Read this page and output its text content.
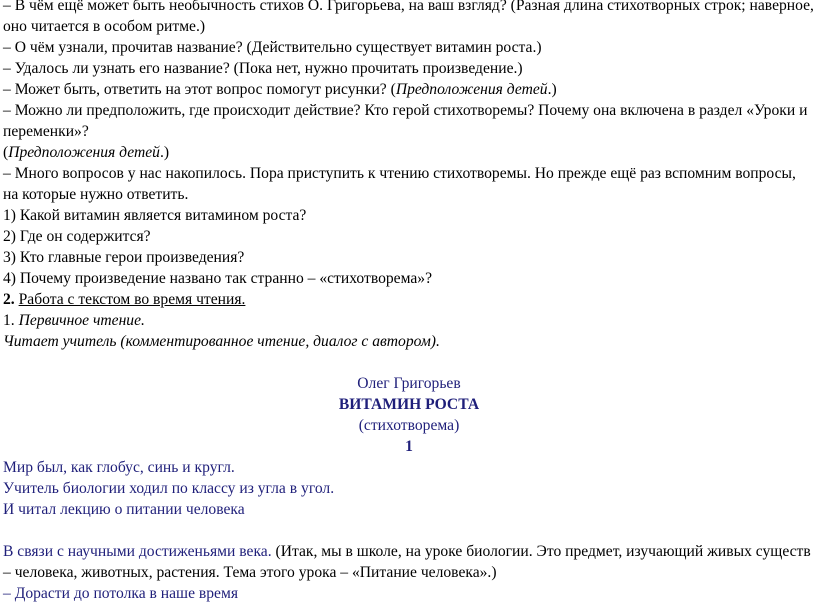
– В чём ещё может быть необычность стихов О. Григорьева, на ваш взгляд? (Разная длина стихотворных строк; наверное, оно читается в особом ритме.)

– О чём узнали, прочитав название? (Действительно существует витамин роста.)

– Удалось ли узнать его название? (Пока нет, нужно прочитать произведение.)

– Может быть, ответить на этот вопрос помогут рисунки? (Предположения детей.)

– Можно ли предположить, где происходит действие? Кто герой стихотворемы? Почему она включена в раздел «Уроки и переменки»?

(Предположения детей.)

– Много вопросов у нас накопилось. Пора приступить к чтению стихотворемы. Но прежде ещё раз вспомним вопросы, на которые нужно ответить.

1) Какой витамин является витамином роста?

2) Где он содержится?

3) Кто главные герои произведения?

4) Почему произведение названо так странно – «стихотворема»?

2. Работа с текстом во время чтения.

1. Первичное чтение.

Читает учитель (комментированное чтение, диалог с автором).

Олег Григорьев

ВИТАМИН РОСТА

(стихотворема)

1

Мир был, как глобус, синь и кругл.

Учитель биологии ходил по классу из угла в угол.

И читал лекцию о питании человека

В связи с научными достиженьями века. (Итак, мы в школе, на уроке биологии. Это предмет, изучающий живых существ – человека, животных, растения. Тема этого урока – «Питание человека».)

– Дорасти до потолка в наше время
